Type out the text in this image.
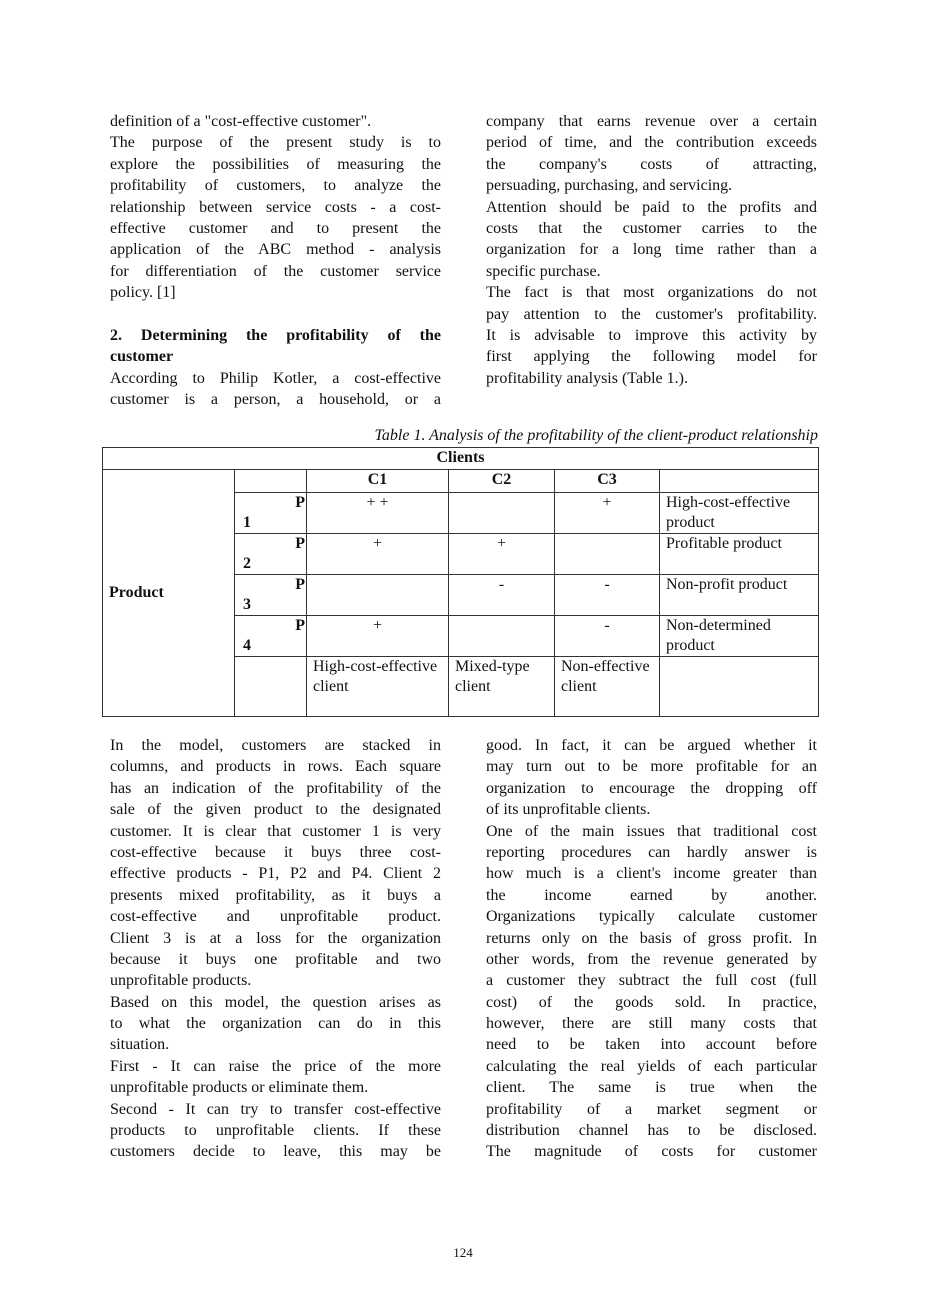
definition of a "cost-effective customer".
The purpose of the present study is to
explore the possibilities of measuring the
profitability of customers, to analyze the
relationship between service costs - a cost-
effective customer and to present the
application of the ABC method - analysis
for differentiation of the customer service
policy. [1]
2. Determining the profitability of the
customer
According to Philip Kotler, a cost-effective
customer is a person, a household, or a
company that earns revenue over a certain
period of time, and the contribution exceeds
the company's costs of attracting,
persuading, purchasing, and servicing.
Attention should be paid to the profits and
costs that the customer carries to the
organization for a long time rather than a
specific purchase.
The fact is that most organizations do not
pay attention to the customer's profitability.
It is advisable to improve this activity by
first applying the following model for
profitability analysis (Table 1.).
Table 1. Analysis of the profitability of the client-product relationship
Clients					
Product		C1	C2	C3	

	P
1	+ +		+	High-cost-effective product

	P
2	+	+		Profitable product

	P
3		-	-	Non-profit product

	P
4	+		-	Non-determined product
		High-cost-effective client	Mixed-type client	Non-effective client	
In the model, customers are stacked in
columns, and products in rows. Each square
has an indication of the profitability of the
sale of the given product to the designated
customer. It is clear that customer 1 is very
cost-effective because it buys three cost-
effective products - P1, P2 and P4. Client 2
presents mixed profitability, as it buys a
cost-effective and unprofitable product.
Client 3 is at a loss for the organization
because it buys one profitable and two
unprofitable products.
Based on this model, the question arises as
to what the organization can do in this
situation.
First - It can raise the price of the more
unprofitable products or eliminate them.
Second - It can try to transfer cost-effective
products to unprofitable clients. If these
customers decide to leave, this may be
good. In fact, it can be argued whether it
may turn out to be more profitable for an
organization to encourage the dropping off
of its unprofitable clients.
One of the main issues that traditional cost
reporting procedures can hardly answer is
how much is a client's income greater than
the income earned by another.
Organizations typically calculate customer
returns only on the basis of gross profit. In
other words, from the revenue generated by
a customer they subtract the full cost (full
cost) of the goods sold. In practice,
however, there are still many costs that
need to be taken into account before
calculating the real yields of each particular
client. The same is true when the
profitability of a market segment or
distribution channel has to be disclosed.
The magnitude of costs for customer
124
